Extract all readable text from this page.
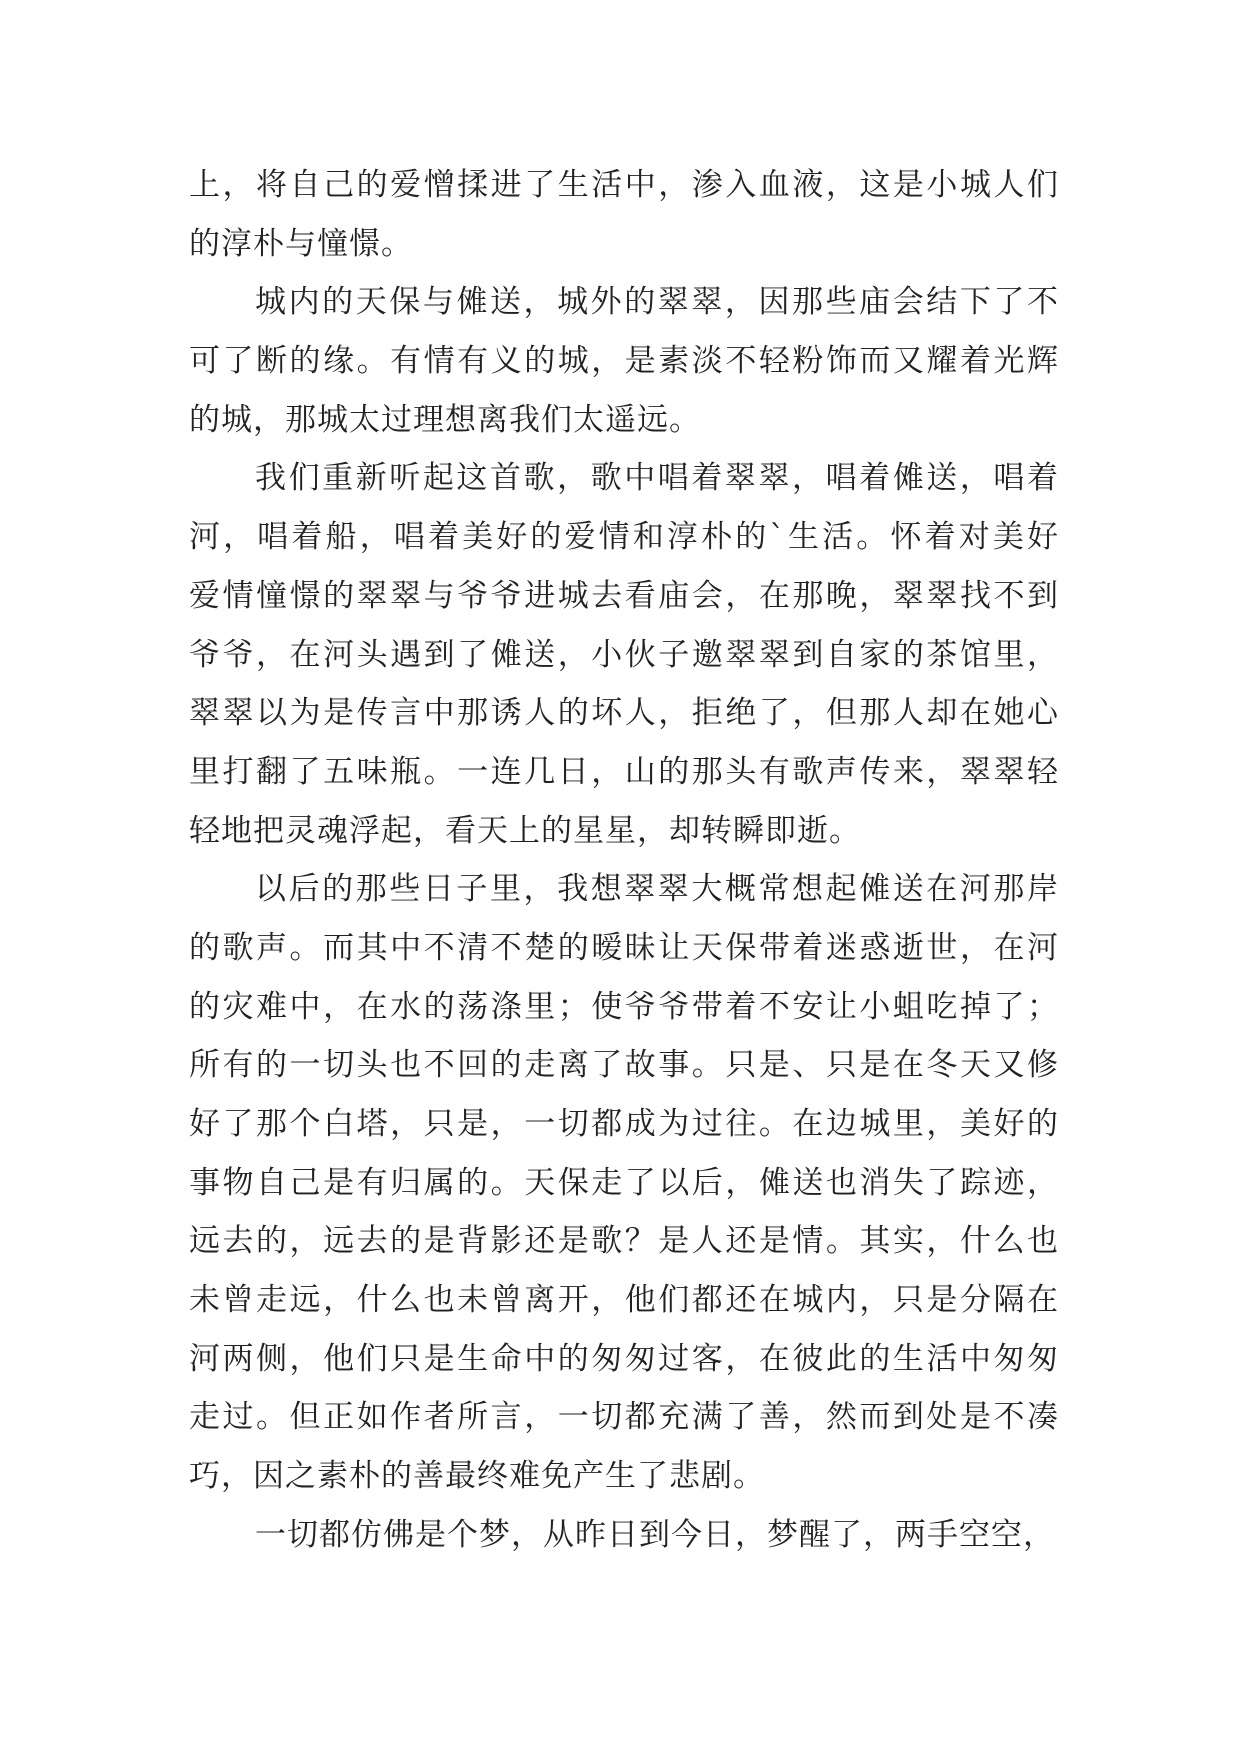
上，将自己的爱憎揉进了生活中，渗入血液，这是小城人们
的淳朴与憧憬。
城内的天保与傩送，城外的翠翠，因那些庙会结下了不
可了断的缘。有情有义的城，是素淡不轻粉饰而又耀着光辉
的城，那城太过理想离我们太遥远。
我们重新听起这首歌，歌中唱着翠翠，唱着傩送，唱着
河，唱着船，唱着美好的爱情和淳朴的`生活。怀着对美好
爱情憧憬的翠翠与爷爷进城去看庙会，在那晚，翠翠找不到
爷爷，在河头遇到了傩送，小伙子邀翠翠到自家的茶馆里，
翠翠以为是传言中那诱人的坏人，拒绝了，但那人却在她心
里打翻了五味瓶。一连几日，山的那头有歌声传来，翠翠轻
轻地把灵魂浮起，看天上的星星，却转瞬即逝。
以后的那些日子里，我想翠翠大概常想起傩送在河那岸
的歌声。而其中不清不楚的暧昧让天保带着迷惑逝世，在河
的灾难中，在水的荡涤里；使爷爷带着不安让小蛆吃掉了；
所有的一切头也不回的走离了故事。只是、只是在冬天又修
好了那个白塔，只是，一切都成为过往。在边城里，美好的
事物自己是有归属的。天保走了以后，傩送也消失了踪迹，
远去的，远去的是背影还是歌？是人还是情。其实，什么也
未曾走远，什么也未曾离开，他们都还在城内，只是分隔在
河两侧，他们只是生命中的匆匆过客，在彼此的生活中匆匆
走过。但正如作者所言，一切都充满了善，然而到处是不凑
巧，因之素朴的善最终难免产生了悲剧。
一切都仿佛是个梦，从昨日到今日，梦醒了，两手空空，
